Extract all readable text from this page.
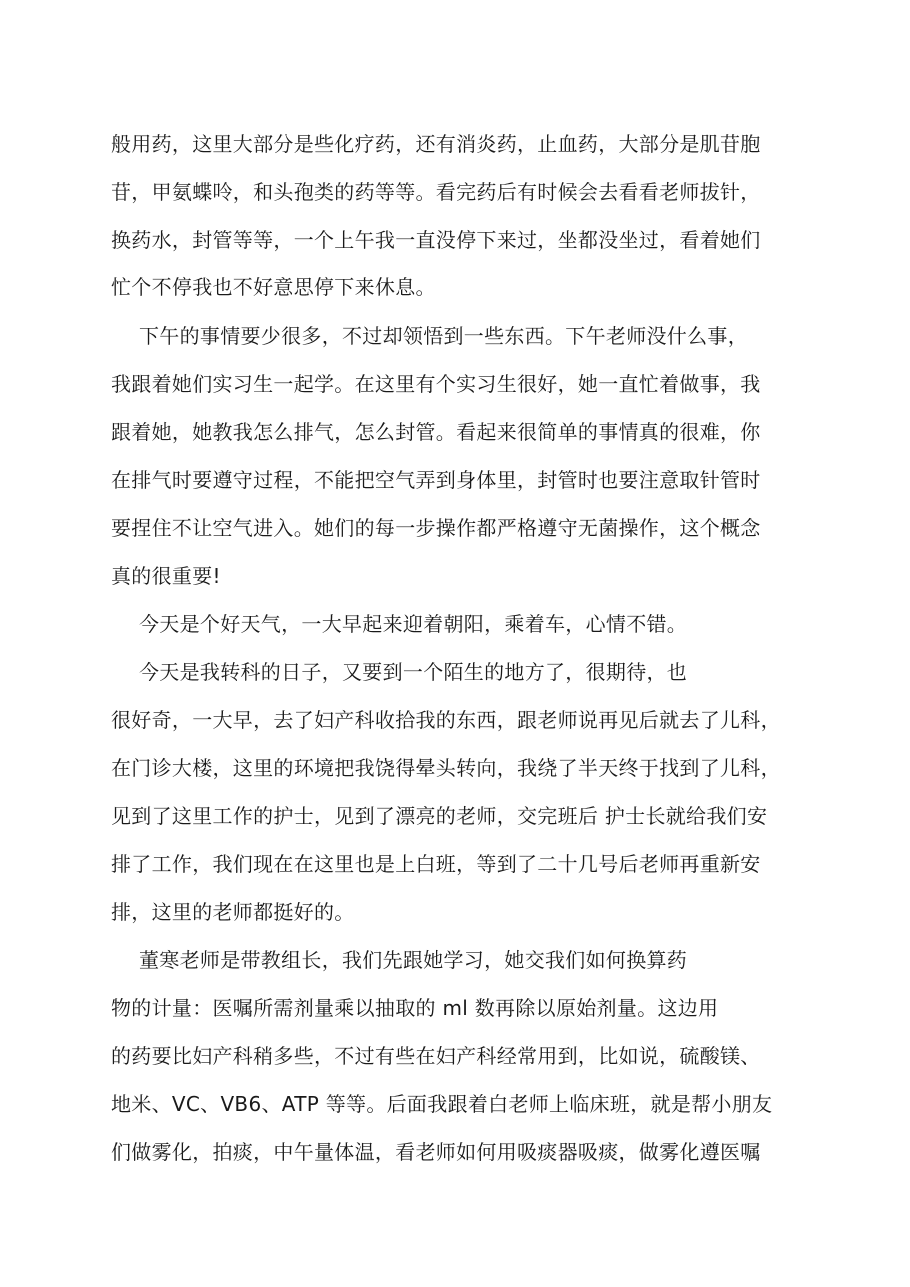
般用药，这里大部分是些化疗药，还有消炎药，止血药，大部分是肌苷胞

苷，甲氨蝶呤，和头孢类的药等等。看完药后有时候会去看看老师拔针，

换药水，封管等等，一个上午我一直没停下来过，坐都没坐过，看着她们

忙个不停我也不好意思停下来休息。

下午的事情要少很多，不过却领悟到一些东西。下午老师没什么事，

我跟着她们实习生一起学。在这里有个实习生很好，她一直忙着做事，我

跟着她，她教我怎么排气，怎么封管。看起来很简单的事情真的很难，你

在排气时要遵守过程，不能把空气弄到身体里，封管时也要注意取针管时

要捏住不让空气进入。她们的每一步操作都严格遵守无菌操作，这个概念

真的很重要!

今天是个好天气，一大早起来迎着朝阳，乘着车，心情不错。

今天是我转科的日子，又要到一个陌生的地方了，很期待，也

很好奇，一大早，去了妇产科收拾我的东西，跟老师说再见后就去了儿科，

在门诊大楼，这里的环境把我饶得晕头转向，我绕了半天终于找到了儿科，

见到了这里工作的护士，见到了漂亮的老师，交完班后 护士长就给我们安

排了工作，我们现在在这里也是上白班，等到了二十几号后老师再重新安

排，这里的老师都挺好的。

董寒老师是带教组长，我们先跟她学习，她交我们如何换算药

物的计量：医嘱所需剂量乘以抽取的 ml 数再除以原始剂量。这边用

的药要比妇产科稍多些，不过有些在妇产科经常用到，比如说，硫酸镁、

地米、VC、VB6、ATP 等等。后面我跟着白老师上临床班，就是帮小朋友

们做雾化，拍痰，中午量体温，看老师如何用吸痰器吸痰，做雾化遵医嘱
